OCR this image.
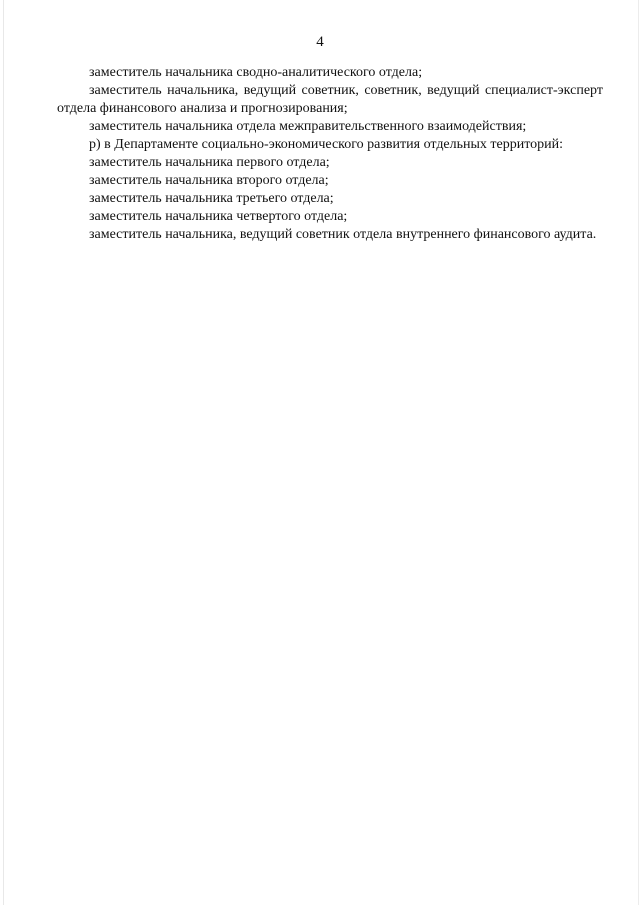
4

заместитель начальника сводно-аналитического отдела;

заместитель начальника, ведущий советник, советник, ведущий специалист-эксперт отдела финансового анализа и прогнозирования;

заместитель начальника отдела межправительственного взаимодействия;

р) в Департаменте социально-экономического развития отдельных территорий:

заместитель начальника первого отдела;

заместитель начальника второго отдела;

заместитель начальника третьего отдела;

заместитель начальника четвертого отдела;

заместитель начальника, ведущий советник отдела внутреннего финансового аудита.
